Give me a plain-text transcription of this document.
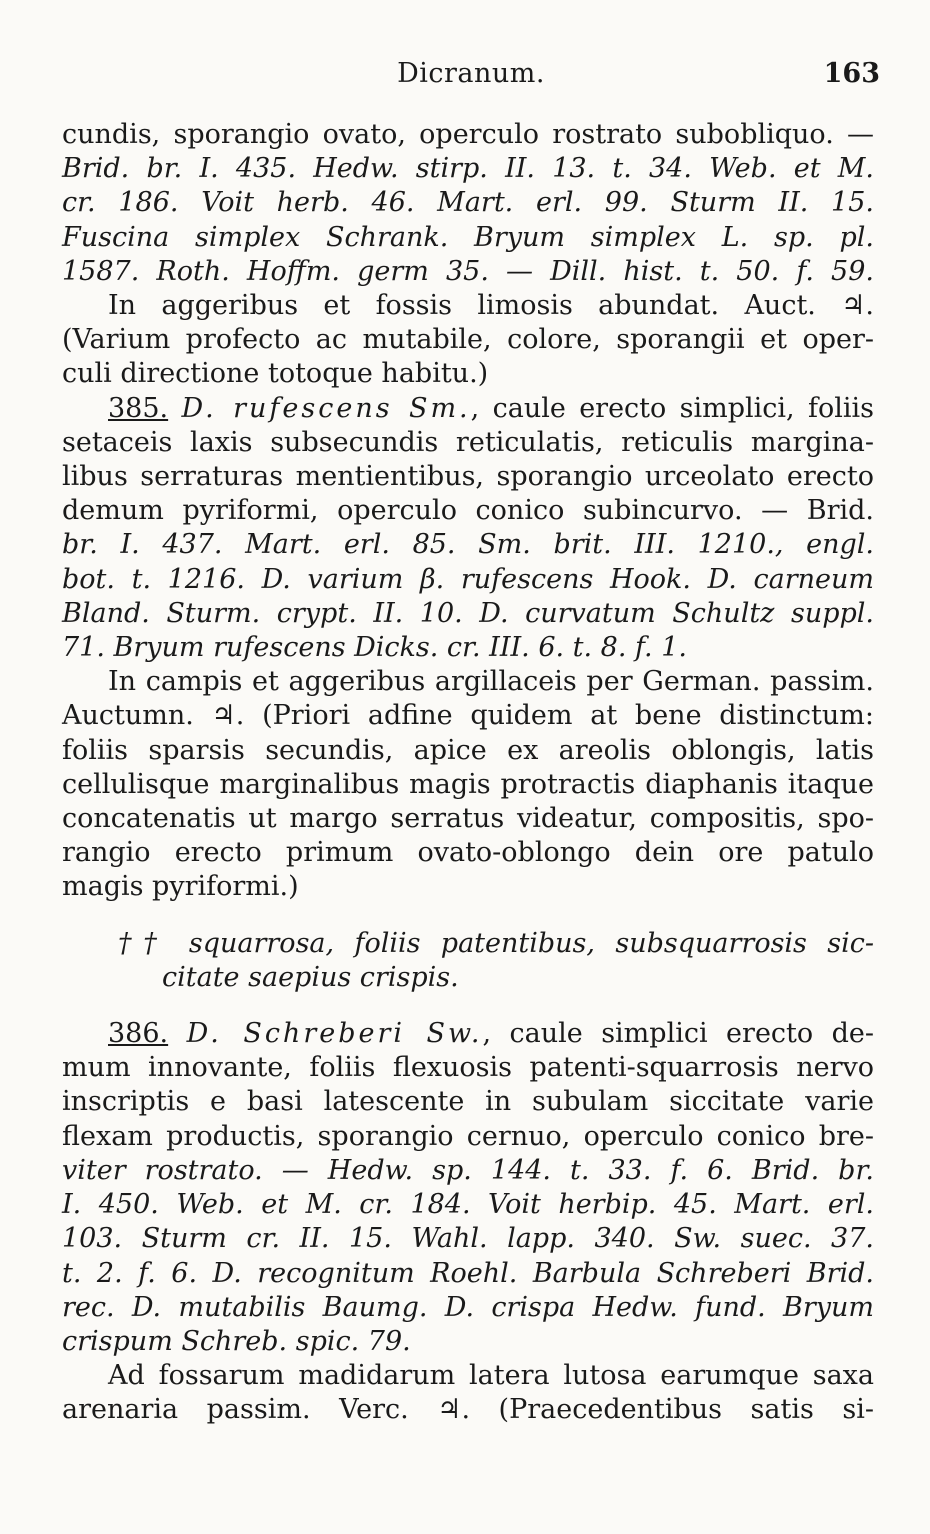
Dicranum.	163
cundis, sporangio ovato, operculo rostrato subobliquo. —
Brid. br. I. 435. Hedw. stirp. II. 13. t. 34. Web. et M.
cr. 186. Voit herb. 46. Mart. erl. 99. Sturm II. 15.
Fuscina simplex Schrank. Bryum simplex L. sp. pl.
1587. Roth. Hoffm. germ 35. — Dill. hist. t. 50. f. 59.
In aggeribus et fossis limosis abundat. Auct. ♃.
(Varium profecto ac mutabile, colore, sporangii et oper-
culi directione totoque habitu.)
385. D. rufescens Sm., caule erecto simplici, foliis
setaceis laxis subsecundis reticulatis, reticulis margina-
libus serraturas mentientibus, sporangio urceolato erecto
demum pyriformi, operculo conico subincurvo. — Brid.
br. I. 437. Mart. erl. 85. Sm. brit. III. 1210., engl.
bot. t. 1216. D. varium β. rufescens Hook. D. carneum
Bland. Sturm. crypt. II. 10. D. curvatum Schultz suppl.
71. Bryum rufescens Dicks. cr. III. 6. t. 8. f. 1.
In campis et aggeribus argillaceis per German. passim.
Auctumn. ♃. (Priori adfine quidem at bene distinctum:
foliis sparsis secundis, apice ex areolis oblongis, latis
cellulisque marginalibus magis protractis diaphanis itaque
concatenatis ut margo serratus videatur, compositis, spo-
rangio erecto primum ovato-oblongo dein ore patulo
magis pyriformi.)
†† squarrosa, foliis patentibus, subsquarrosis sic-
citate saepius crispis.
386. D. Schreberi Sw., caule simplici erecto de-
mum innovante, foliis flexuosis patenti-squarrosis nervo
inscriptis e basi latescente in subulam siccitate varie
flexam productis, sporangio cernuo, operculo conico bre-
viter rostrato. — Hedw. sp. 144. t. 33. f. 6. Brid. br.
I. 450. Web. et M. cr. 184. Voit herbip. 45. Mart. erl.
103. Sturm cr. II. 15. Wahl. lapp. 340. Sw. suec. 37.
t. 2. f. 6. D. recognitum Roehl. Barbula Schreberi Brid.
rec. D. mutabilis Baumg. D. crispa Hedw. fund. Bryum
crispum Schreb. spic. 79.
Ad fossarum madidarum latera lutosa earumque saxa
arenaria passim. Verc. ♃. (Praecedentibus satis si-
